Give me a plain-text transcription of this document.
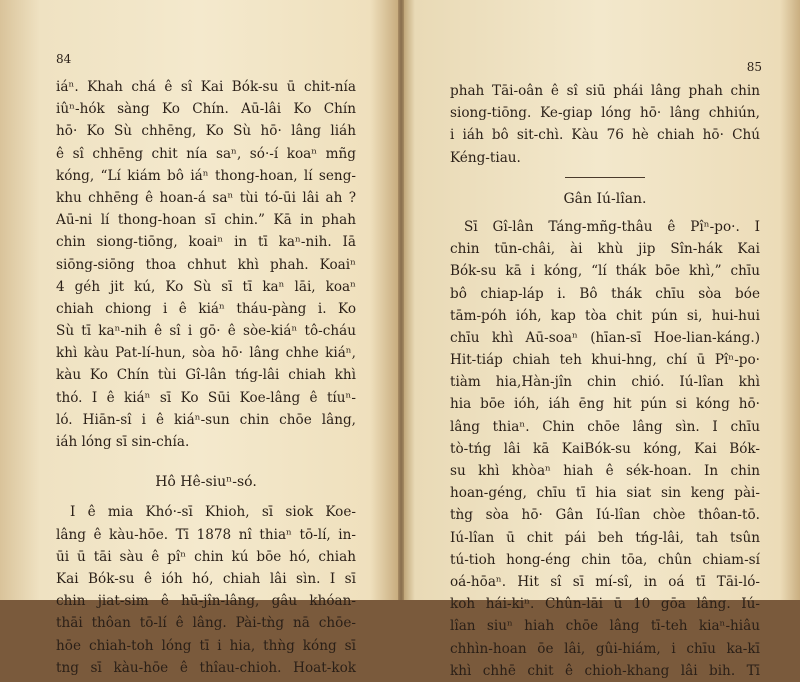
84
iáⁿ. Khah chá ê sî Kai Bók-su ū chit-nía
iûⁿ-hók sàng Ko Chín. Aū-lâi Ko Chín
hō· Ko Sù chhēng, Ko Sù hō· lâng liáh
ê sî chhēng chit nía saⁿ, só·-í koaⁿ mñg
kóng, “Lí kiám bô iáⁿ thong-hoan, lí seng-
khu chhēng ê hoan-á saⁿ tùi tó-ūi lâi ah ?
Aū-ni lí thong-hoan sī chin.” Kā in phah
chin siong-tiōng, koaiⁿ in tī kaⁿ-nih. Iā
siōng-siōng thoa chhut khì phah. Koaiⁿ
4 géh jit kú, Ko Sù sī tī kaⁿ lāi, koaⁿ
chiah chiong i ê kiáⁿ tháu-pàng i. Ko
Sù tī kaⁿ-nih ê sî i gō· ê sòe-kiáⁿ tô-cháu
khì kàu Pat-lí-hun, sòa hō· lâng chhe kiáⁿ,
kàu Ko Chín tùi Gî-lân tńg-lâi chiah khì
thó. I ê kiáⁿ sī Ko Sūi Koe-lâng ê tíuⁿ-
ló. Hiān-sî i ê kiáⁿ-sun chin chōe lâng,
iáh lóng sī sin-chía.
Hô Hê-siuⁿ-só.
I ê mia Khó·-sī Khioh, sī siok Koe-
lâng ê kàu-hōe. Tī 1878 nî thiaⁿ tō-lí, in-
ūi ū tāi sàu ê pîⁿ chin kú bōe hó, chiah
Kai Bók-su ê ióh hó, chiah lâi sìn. I sī
chin jiat-sim ê hū-jîn-lâng, gâu khóan-
thāi thôan tō-lí ê lâng. Pài-tǹg nā chōe-
hōe chiah-toh lóng tī i hia, thǹg kóng sī
tng sī kàu-hōe ê thîau-chioh. Hoat-kok
85
phah Tāi-oân ê sî siū phái lâng phah chin
siong-tiōng. Ke-giap lóng hō· lâng chhiún,
i iáh bô sit-chì. Kàu 76 hè chiah hō· Chú
Kéng-tiau.
Gân Iú-lîan.
Sī Gî-lân Táng-mñg-thâu ê Pîⁿ-po·. I
chin tūn-châi, ài khù jip Sîn-hák Kai
Bók-su kā i kóng, “lí thák bōe khì,” chīu
bô chiap-láp i. Bô thák chīu sòa bóe
tām-póh ióh, kap tòa chit pún si, hui-hui
chīu khì Aū-soaⁿ (hīan-sī Hoe-lian-káng.)
Hit-tiáp chiah teh khui-hng, chí ū Pîⁿ-po·
tiàm hia,Hàn-jîn chin chió. Iú-lîan khì
hia bōe ióh, iáh ēng hit pún si kóng hō·
lâng thiaⁿ. Chin chōe lâng sìn. I chīu
tò-tńg lâi kā KaiBók-su kóng, Kai Bók-
su khì khòaⁿ hiah ê sék-hoan. In chin
hoan-géng, chīu tī hia siat sin keng pài-
tǹg sòa hō· Gân Iú-lîan chòe thôan-tō.
Iú-lîan ū chit pái beh tńg-lâi, tah tsûn
tú-tioh hong-éng chin tōa, chûn chiam-sí
oá-hōaⁿ. Hit sî sī mí-sî, in oá tī Tāi-ló-
koh hái-kiⁿ. Chûn-lāi ū 10 gōa lâng. Iú-
lîan siuⁿ hiah chōe lâng tī-teh kiaⁿ-hiâu
chhìn-hoan ōe lâi, gûi-hiám, i chīu ka-kī
khì chhē chit ê chioh-khang lâi bih. Tī
